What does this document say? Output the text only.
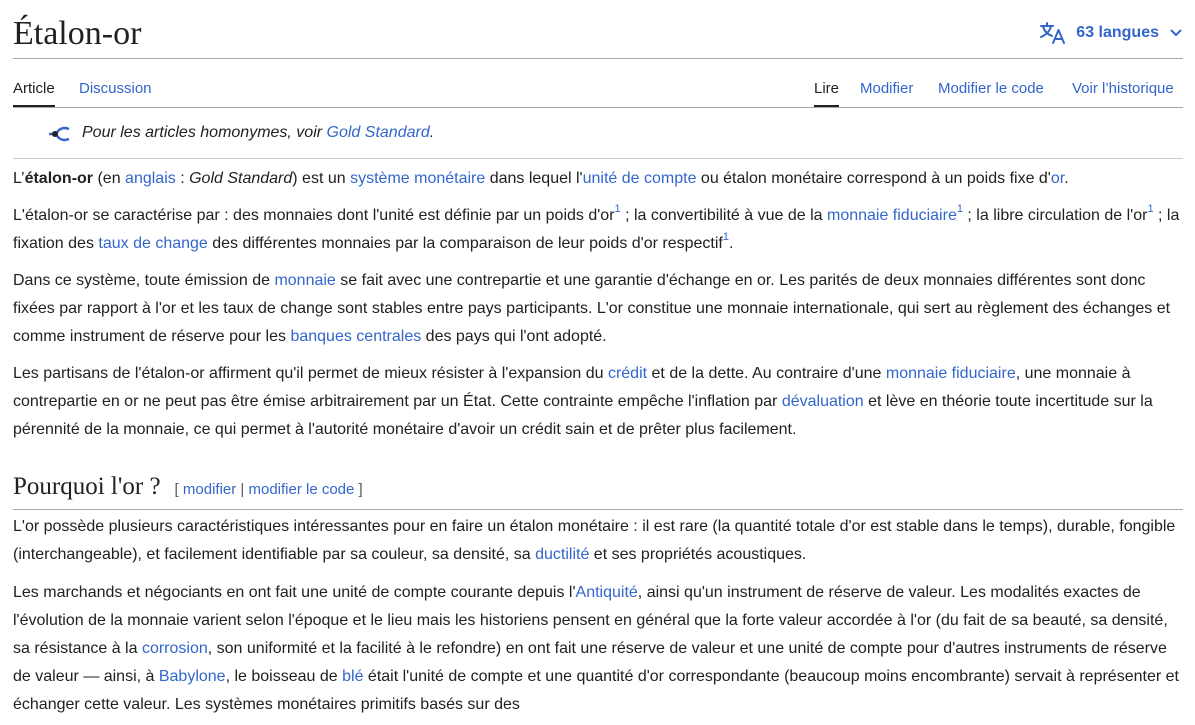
Étalon-or	63 langues
Article Discussion	Lire Modifier Modifier le code Voir l’historique
Pour les articles homonymes, voir Gold Standard.

L’étalon-or (en anglais : Gold Standard) est un système monétaire dans lequel l'unité de compte ou étalon monétaire correspond à un poids fixe d'or.

L'étalon-or se caractérise par : des monnaies dont l'unité est définie par un poids $d'or^1$ ; la convertibilité à vue de la monnaie fiduciaire$^1$ ; la libre circulation de $l'or^1$ ; la fixation des taux de change des différentes monnaies par la comparaison de leur poids d'or respectif$^1$.

Dans ce système, toute émission de monnaie se fait avec une contrepartie et une garantie d'échange en or. Les parités de deux monnaies différentes sont donc fixées par rapport à l'or et les taux de change sont stables entre pays participants. L'or constitue une monnaie internationale, qui sert au règlement des échanges et comme instrument de réserve pour les banques centrales des pays qui l'ont adopté.

Les partisans de l'étalon-or affirment qu'il permet de mieux résister à l'expansion du crédit et de la dette. Au contraire d'une monnaie fiduciaire, une monnaie à contrepartie en or ne peut pas être émise arbitrairement par un État. Cette contrainte empêche l'inflation par dévaluation et lève en théorie toute incertitude sur la pérennité de la monnaie, ce qui permet à l'autorité monétaire d'avoir un crédit sain et de prêter plus facilement.

Pourquoi l'or ? [ modifier | modifier le code ]

L'or possède plusieurs caractéristiques intéressantes pour en faire un étalon monétaire : il est rare (la quantité totale d'or est stable dans le temps), durable, fongible (interchangeable), et facilement identifiable par sa couleur, sa densité, sa ductilité et ses propriétés acoustiques.

Les marchands et négociants en ont fait une unité de compte courante depuis l'Antiquité, ainsi qu'un instrument de réserve de valeur. Les modalités exactes de l'évolution de la monnaie varient selon l'époque et le lieu mais les historiens pensent en général que la forte valeur accordée à l'or (du fait de sa beauté, sa densité, sa résistance à la corrosion, son uniformité et la facilité à le refondre) en ont fait une réserve de valeur et une unité de compte pour d'autres instruments de réserve de valeur — ainsi, à Babylone, le boisseau de blé était l'unité de compte et une quantité d'or correspondante (beaucoup moins encombrante) servait à représenter et échanger cette valeur. Les systèmes monétaires primitifs basés sur des
